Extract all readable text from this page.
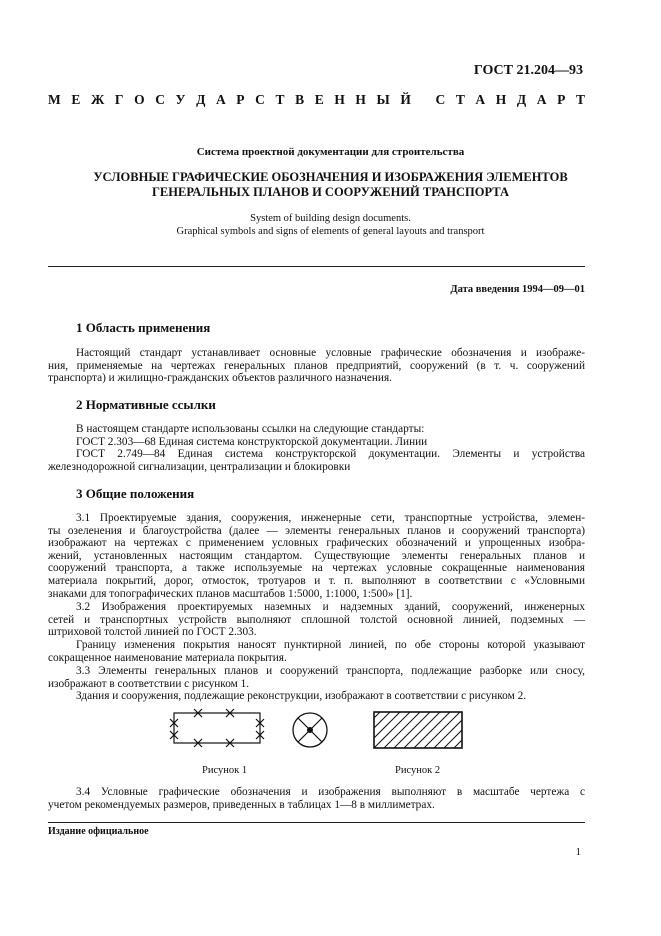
ГОСТ 21.204—93
М Е Ж Г О С У Д А Р С Т В Е Н Н Ы Й
С Т А Н Д А Р Т
Система проектной документации для строительства
УСЛОВНЫЕ ГРАФИЧЕСКИЕ ОБОЗНАЧЕНИЯ И ИЗОБРАЖЕНИЯ ЭЛЕМЕНТОВ
ГЕНЕРАЛЬНЫХ ПЛАНОВ И СООРУЖЕНИЙ ТРАНСПОРТА
System of building design documents.
Graphical symbols and signs of elements of general layouts and transport
Дата введения 1994—09—01
1 Область применения
Настоящий стандарт устанавливает основные условные графические обозначения и изображе-
ния, применяемые на чертежах генеральных планов предприятий, сооружений (в т. ч. сооружений
транспорта) и жилищно-гражданских объектов различного назначения.
2 Нормативные ссылки
В настоящем стандарте использованы ссылки на следующие стандарты:
ГОСТ 2.303—68 Единая система конструкторской документации. Линии
ГОСТ 2.749—84 Единая система конструкторской документации. Элементы и устройства
железнодорожной сигнализации, централизации и блокировки
3 Общие положения
3.1 Проектируемые здания, сооружения, инженерные сети, транспортные устройства, элемен-
ты озеленения и благоустройства (далее — элементы генеральных планов и сооружений транспорта)
изображают на чертежах с применением условных графических обозначений и упрощенных изобра-
жений, установленных настоящим стандартом. Существующие элементы генеральных планов и
сооружений транспорта, а также используемые на чертежах условные сокращенные наименования
материала покрытий, дорог, отмосток, тротуаров и т. п. выполняют в соответствии с «Условными
знаками для топографических планов масштабов 1:5000, 1:1000, 1:500» [1].
3.2 Изображения проектируемых наземных и надземных зданий, сооружений, инженерных
сетей и транспортных устройств выполняют сплошной толстой основной линией, подземных —
штриховой толстой линией по ГОСТ 2.303.
Границу изменения покрытия наносят пунктирной линией, по обе стороны которой указывают
сокращенное наименование материала покрытия.
3.3 Элементы генеральных планов и сооружений транспорта, подлежащие разборке или сносу,
изображают в соответствии с рисунком 1.
Здания и сооружения, подлежащие реконструкции, изображают в соответствии с рисунком 2.
Рисунок 1	Рисунок 2
3.4 Условные графические обозначения и изображения выполняют в масштабе чертежа с
учетом рекомендуемых размеров, приведенных в таблицах 1—8 в миллиметрах.
Издание официальное
1
